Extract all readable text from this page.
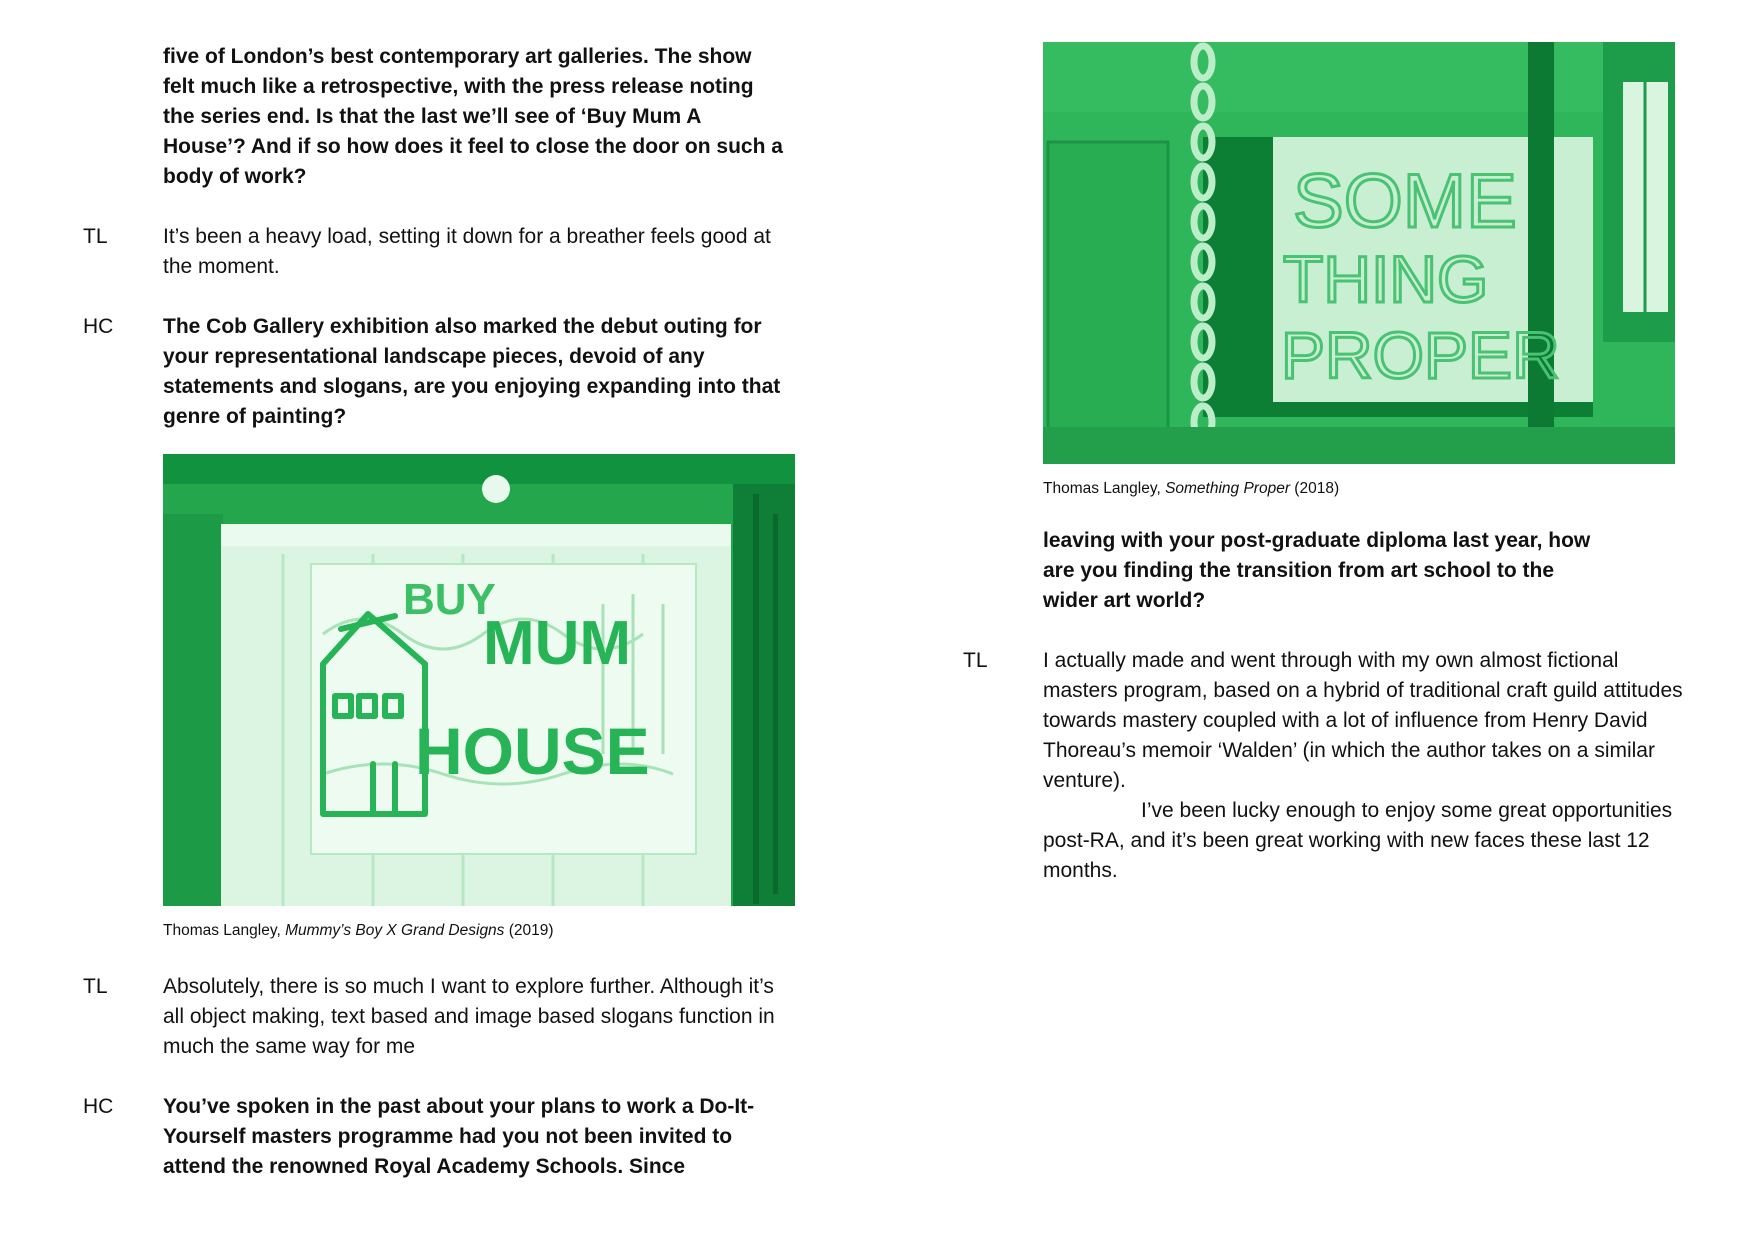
five of London’s best contemporary art galleries. The show felt much like a retrospective, with the press release noting the series end. Is that the last we’ll see of ‘Buy Mum A House’? And if so how does it feel to close the door on such a body of work?

TL	It’s been a heavy load, setting it down for a breather feels good at the moment.

HC The Cob Gallery exhibition also marked the debut outing for your representational landscape pieces, devoid of any statements and slogans, are you enjoying expanding into that genre of painting?

BUY
MUM
HOUSE
Thomas Langley, Mummy’s Boy X Grand Designs (2019)
TL	Absolutely, there is so much I want to explore further. Although it’s all object making, text based and image based slogans function in much the same way for me

HC You’ve spoken in the past about your plans to work a Do-It-Yourself masters programme had you not been invited to attend the renowned Royal Academy Schools. Since

SOME
THING
PROPER
Thomas Langley, Something Proper (2018)

leaving with your post-graduate diploma last year, how are you finding the transition from art school to the wider art world?

TL	I actually made and went through with my own almost fictional masters program, based on a hybrid of traditional craft guild attitudes towards mastery coupled with a lot of influence from Henry David Thoreau’s memoir ‘Walden’ (in which the author takes on a similar venture).
I’ve been lucky enough to enjoy some great opportunities post-RA, and it’s been great working with new faces these last 12 months.
